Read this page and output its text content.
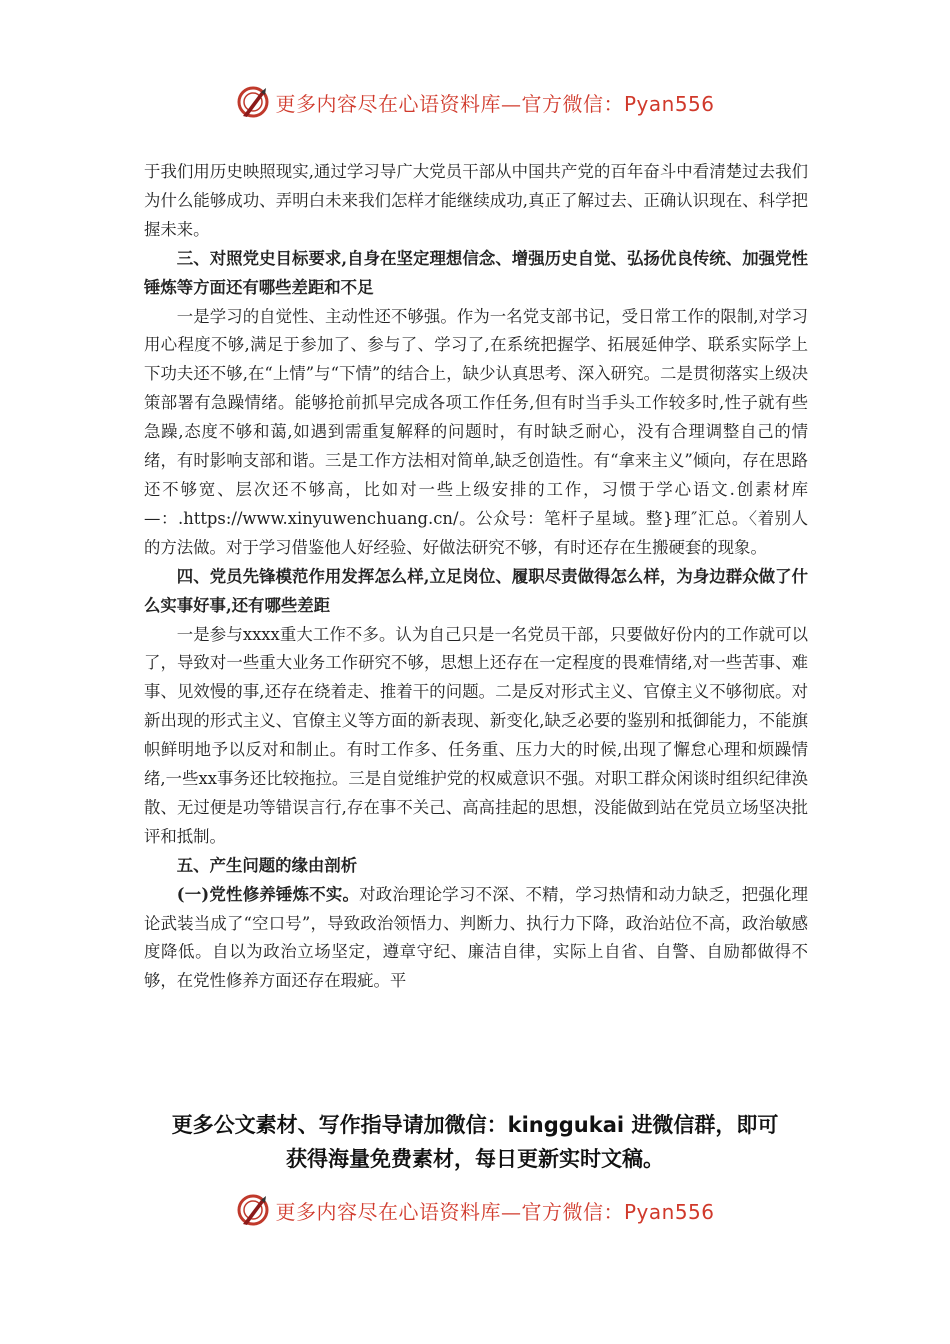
更多内容尽在心语资料库—官方微信：Pyan556

于我们用历史映照现实,通过学习导广大党员干部从中国共产党的百年奋斗中看清楚过去我们为什么能够成功、弄明白未来我们怎样才能继续成功,真正了解过去、正确认识现在、科学把握未来。

三、对照党史目标要求,自身在坚定理想信念、增强历史自觉、弘扬优良传统、加强党性锤炼等方面还有哪些差距和不足

一是学习的自觉性、主动性还不够强。作为一名党支部书记，受日常工作的限制,对学习用心程度不够,满足于参加了、参与了、学习了,在系统把握学、拓展延伸学、联系实际学上下功夫还不够,在“上情”与“下情”的结合上，缺少认真思考、深入研究。二是贯彻落实上级决策部署有急躁情绪。能够抢前抓早完成各项工作任务,但有时当手头工作较多时,性子就有些急躁,态度不够和蔼,如遇到需重复解释的问题时，有时缺乏耐心，没有合理调整自己的情绪，有时影响支部和谐。三是工作方法相对简单,缺乏创造性。有“拿来主义”倾向，存在思路还不够宽、层次还不够高，比如对一些上级安排的工作，习惯于学心语文.创素材库—：.https://www.xinyuwenchuang.cn/。公众号：笔杆子星域。整}理″汇总。〈着别人的方法做。对于学习借鉴他人好经验、好做法研究不够，有时还存在生搬硬套的现象。

四、党员先锋模范作用发挥怎么样,立足岗位、履职尽责做得怎么样，为身边群众做了什么实事好事,还有哪些差距

一是参与xxxx重大工作不多。认为自己只是一名党员干部，只要做好份内的工作就可以了，导致对一些重大业务工作研究不够，思想上还存在一定程度的畏难情绪,对一些苦事、难事、见效慢的事,还存在绕着走、推着干的问题。二是反对形式主义、官僚主义不够彻底。对新出现的形式主义、官僚主义等方面的新表现、新变化,缺乏必要的鉴别和抵御能力，不能旗帜鲜明地予以反对和制止。有时工作多、任务重、压力大的时候,出现了懈怠心理和烦躁情绪,一些xx事务还比较拖拉。三是自觉维护党的权威意识不强。对职工群众闲谈时组织纪律涣散、无过便是功等错误言行,存在事不关己、高高挂起的思想，没能做到站在党员立场坚决批评和抵制。

五、产生问题的缘由剖析

(一)党性修养锤炼不实。对政治理论学习不深、不精，学习热情和动力缺乏，把强化理论武装当成了“空口号”，导致政治领悟力、判断力、执行力下降，政治站位不高，政治敏感度降低。自以为政治立场坚定，遵章守纪、廉洁自律，实际上自省、自警、自励都做得不够，在党性修养方面还存在瑕疵。平

更多公文素材、写作指导请加微信：kinggukai 进微信群，即可
获得海量免费素材，每日更新实时文稿。
更多内容尽在心语资料库—官方微信：Pyan556
